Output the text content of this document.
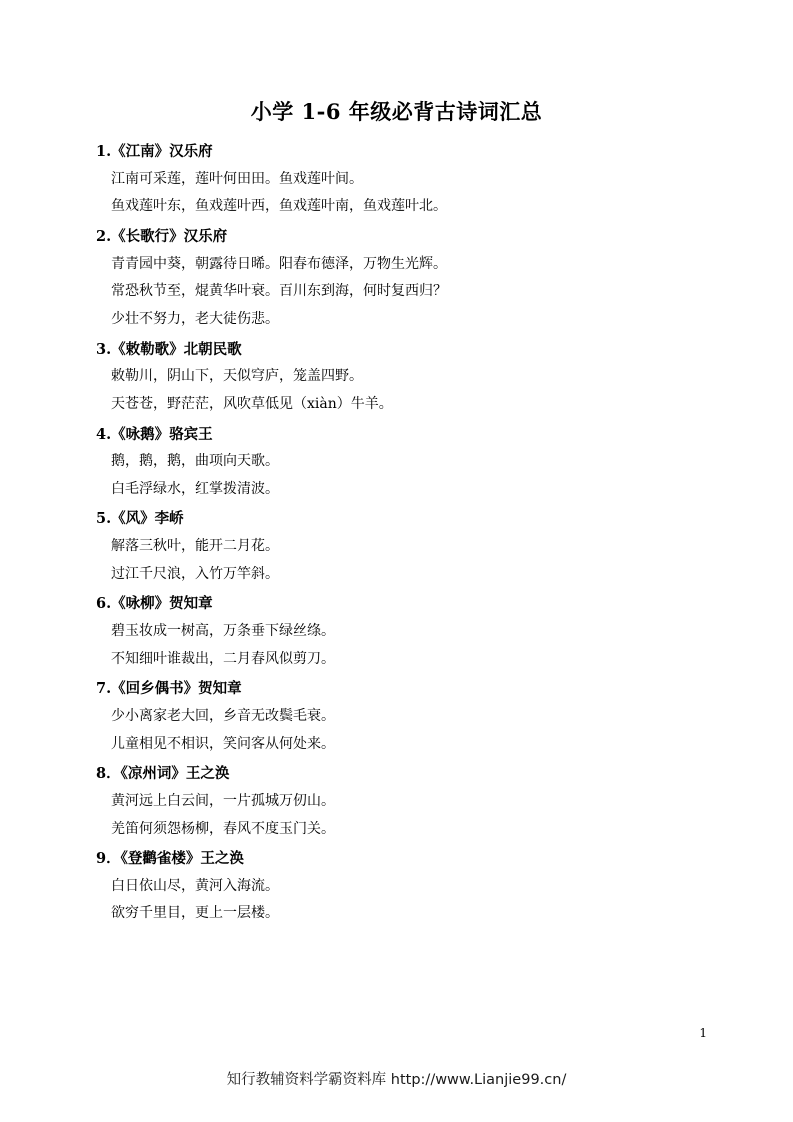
小学 1-6 年级必背古诗词汇总
1.《江南》汉乐府
江南可采莲，莲叶何田田。鱼戏莲叶间。
鱼戏莲叶东，鱼戏莲叶西，鱼戏莲叶南，鱼戏莲叶北。
2.《长歌行》汉乐府
青青园中葵，朝露待日晞。阳春布德泽，万物生光辉。
常恐秋节至，焜黄华叶衰。百川东到海，何时复西归？
少壮不努力，老大徒伤悲。
3.《敕勒歌》北朝民歌
敕勒川，阴山下，天似穹庐，笼盖四野。
天苍苍，野茫茫，风吹草低见（xiàn）牛羊。
4.《咏鹅》骆宾王
鹅，鹅，鹅，曲项向天歌。
白毛浮绿水，红掌拨清波。
5.《风》李峤
解落三秋叶，能开二月花。
过江千尺浪，入竹万竿斜。
6.《咏柳》贺知章
碧玉妆成一树高，万条垂下绿丝绦。
不知细叶谁裁出，二月春风似剪刀。
7.《回乡偶书》贺知章
少小离家老大回，乡音无改鬓毛衰。
儿童相见不相识，笑问客从何处来。
8．《凉州词》王之涣
黄河远上白云间，一片孤城万仞山。
羌笛何须怨杨柳，春风不度玉门关。
9．《登鹳雀楼》王之涣
白日依山尽，黄河入海流。
欲穷千里目，更上一层楼。
1
知行教辅资料学霸资料库 http://www.Lianjie99.cn/
